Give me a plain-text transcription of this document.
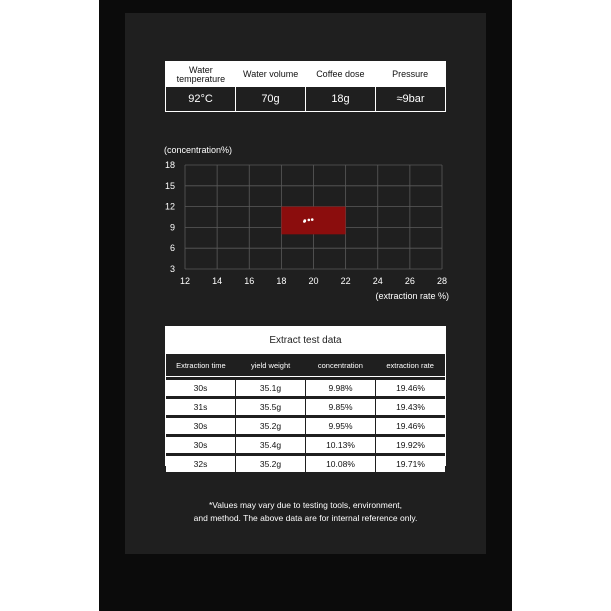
Water
temperature	Water volume	Coffee dose	Pressure
92°C	70g	18g	≈9bar
3
6
9
12
15
18
12 14 16 18 20 22 24 26 28
(concentration%)
(extraction rate %)
Extract test data
Extraction time	yield weight	concentration	extraction rate
30s	35.1g	9.98%	19.46%
31s	35.5g	9.85%	19.43%
30s	35.2g	9.95%	19.46%
30s	35.4g	10.13%	19.92%
32s	35.2g	10.08%	19.71%
*Values may vary due to testing tools, environment,
and method. The above data are for internal reference only.
